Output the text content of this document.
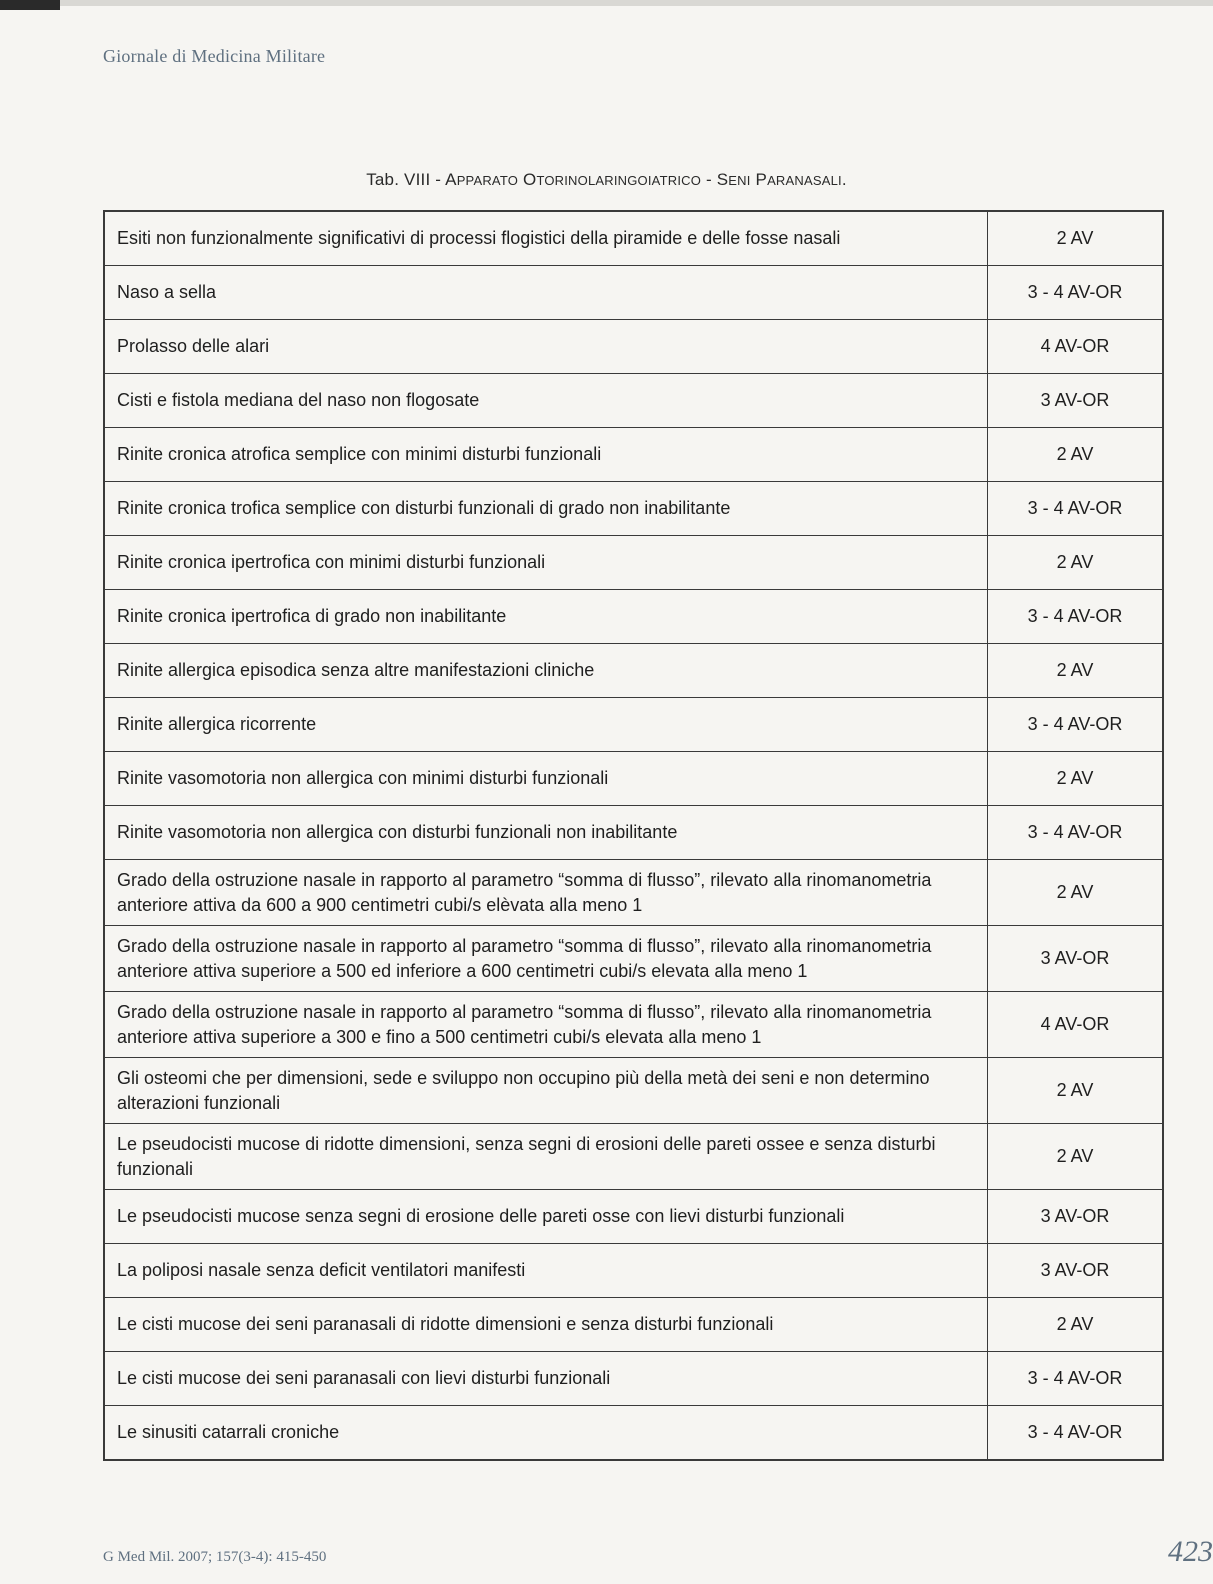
Giornale di Medicina Militare
Tab. VIII - APPARATO OTORINOLARINGOIATRICO - SENI PARANASALI.
Esiti non funzionalmente significativi di processi flogistici della piramide e delle fosse nasali	2 AV
Naso a sella	3 - 4 AV-OR
Prolasso delle alari	4 AV-OR
Cisti e fistola mediana del naso non flogosate	3 AV-OR
Rinite cronica atrofica semplice con minimi disturbi funzionali	2 AV
Rinite cronica trofica semplice con disturbi funzionali di grado non inabilitante	3 - 4 AV-OR
Rinite cronica ipertrofica con minimi disturbi funzionali	2 AV
Rinite cronica ipertrofica di grado non inabilitante	3 - 4 AV-OR
Rinite allergica episodica senza altre manifestazioni cliniche	2 AV
Rinite allergica ricorrente	3 - 4 AV-OR
Rinite vasomotoria non allergica con minimi disturbi funzionali	2 AV
Rinite vasomotoria non allergica con disturbi funzionali non inabilitante	3 - 4 AV-OR
Grado della ostruzione nasale in rapporto al parametro “somma di flusso”, rilevato alla rinomanometria anteriore attiva da 600 a 900 centimetri cubi/s elèvata alla meno 1	2 AV
Grado della ostruzione nasale in rapporto al parametro “somma di flusso”, rilevato alla rinomanometria anteriore attiva superiore a 500 ed inferiore a 600 centimetri cubi/s elevata alla meno 1	3 AV-OR
Grado della ostruzione nasale in rapporto al parametro “somma di flusso”, rilevato alla rinomanometria anteriore attiva superiore a 300 e fino a 500 centimetri cubi/s elevata alla meno 1	4 AV-OR
Gli osteomi che per dimensioni, sede e sviluppo non occupino più della metà dei seni e non determino alterazioni funzionali	2 AV
Le pseudocisti mucose di ridotte dimensioni, senza segni di erosioni delle pareti ossee e senza disturbi funzionali	2 AV
Le pseudocisti mucose senza segni di erosione delle pareti osse con lievi disturbi funzionali	3 AV-OR
La poliposi nasale senza deficit ventilatori manifesti	3 AV-OR
Le cisti mucose dei seni paranasali di ridotte dimensioni e senza disturbi funzionali	2 AV
Le cisti mucose dei seni paranasali con lievi disturbi funzionali	3 - 4 AV-OR
Le sinusiti catarrali croniche	3 - 4 AV-OR
G Med Mil. 2007; 157(3-4): 415-450	423
